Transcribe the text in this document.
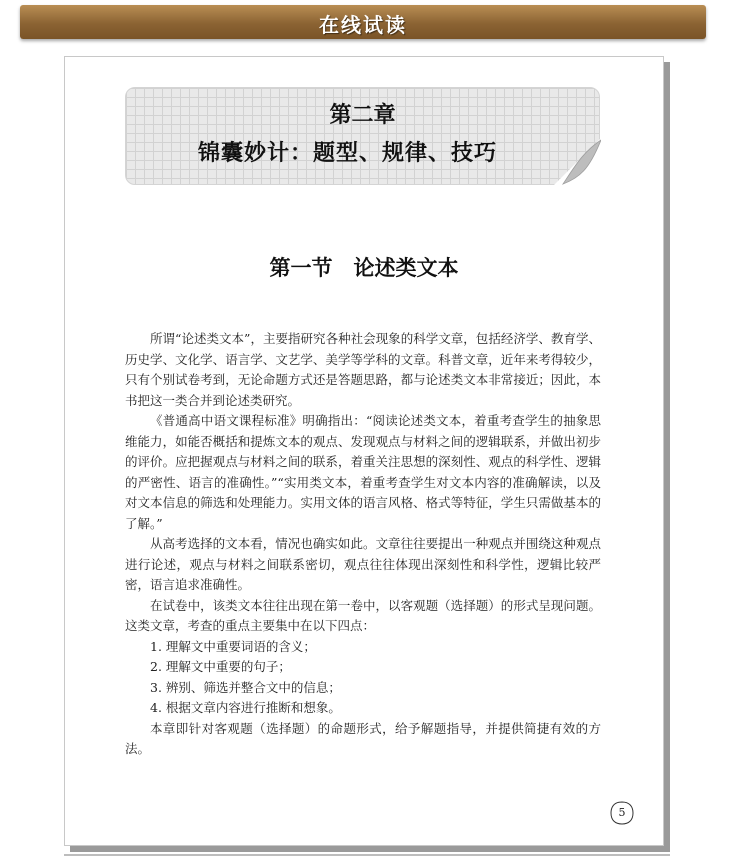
在线试读
第二章
锦囊妙计：题型、规律、技巧
第一节　论述类文本

所谓“论述类文本”，主要指研究各种社会现象的科学文章，包括经济学、教育学、历史学、文化学、语言学、文艺学、美学等学科的文章。科普文章，近年来考得较少，只有个别试卷考到，无论命题方式还是答题思路，都与论述类文本非常接近；因此，本书把这一类合并到论述类研究。

《普通高中语文课程标准》明确指出：“阅读论述类文本，着重考查学生的抽象思维能力，如能否概括和提炼文本的观点、发现观点与材料之间的逻辑联系，并做出初步的评价。应把握观点与材料之间的联系，着重关注思想的深刻性、观点的科学性、逻辑的严密性、语言的准确性。”“实用类文本，着重考查学生对文本内容的准确解读，以及对文本信息的筛选和处理能力。实用文体的语言风格、格式等特征，学生只需做基本的了解。”

从高考选择的文本看，情况也确实如此。文章往往要提出一种观点并围绕这种观点进行论述，观点与材料之间联系密切，观点往往体现出深刻性和科学性，逻辑比较严密，语言追求准确性。

在试卷中，该类文本往往出现在第一卷中，以客观题（选择题）的形式呈现问题。这类文章，考查的重点主要集中在以下四点：

1. 理解文中重要词语的含义；

2. 理解文中重要的句子；

3. 辨别、筛选并整合文中的信息；

4. 根据文章内容进行推断和想象。

本章即针对客观题（选择题）的命题形式，给予解题指导，并提供简捷有效的方法。

5
